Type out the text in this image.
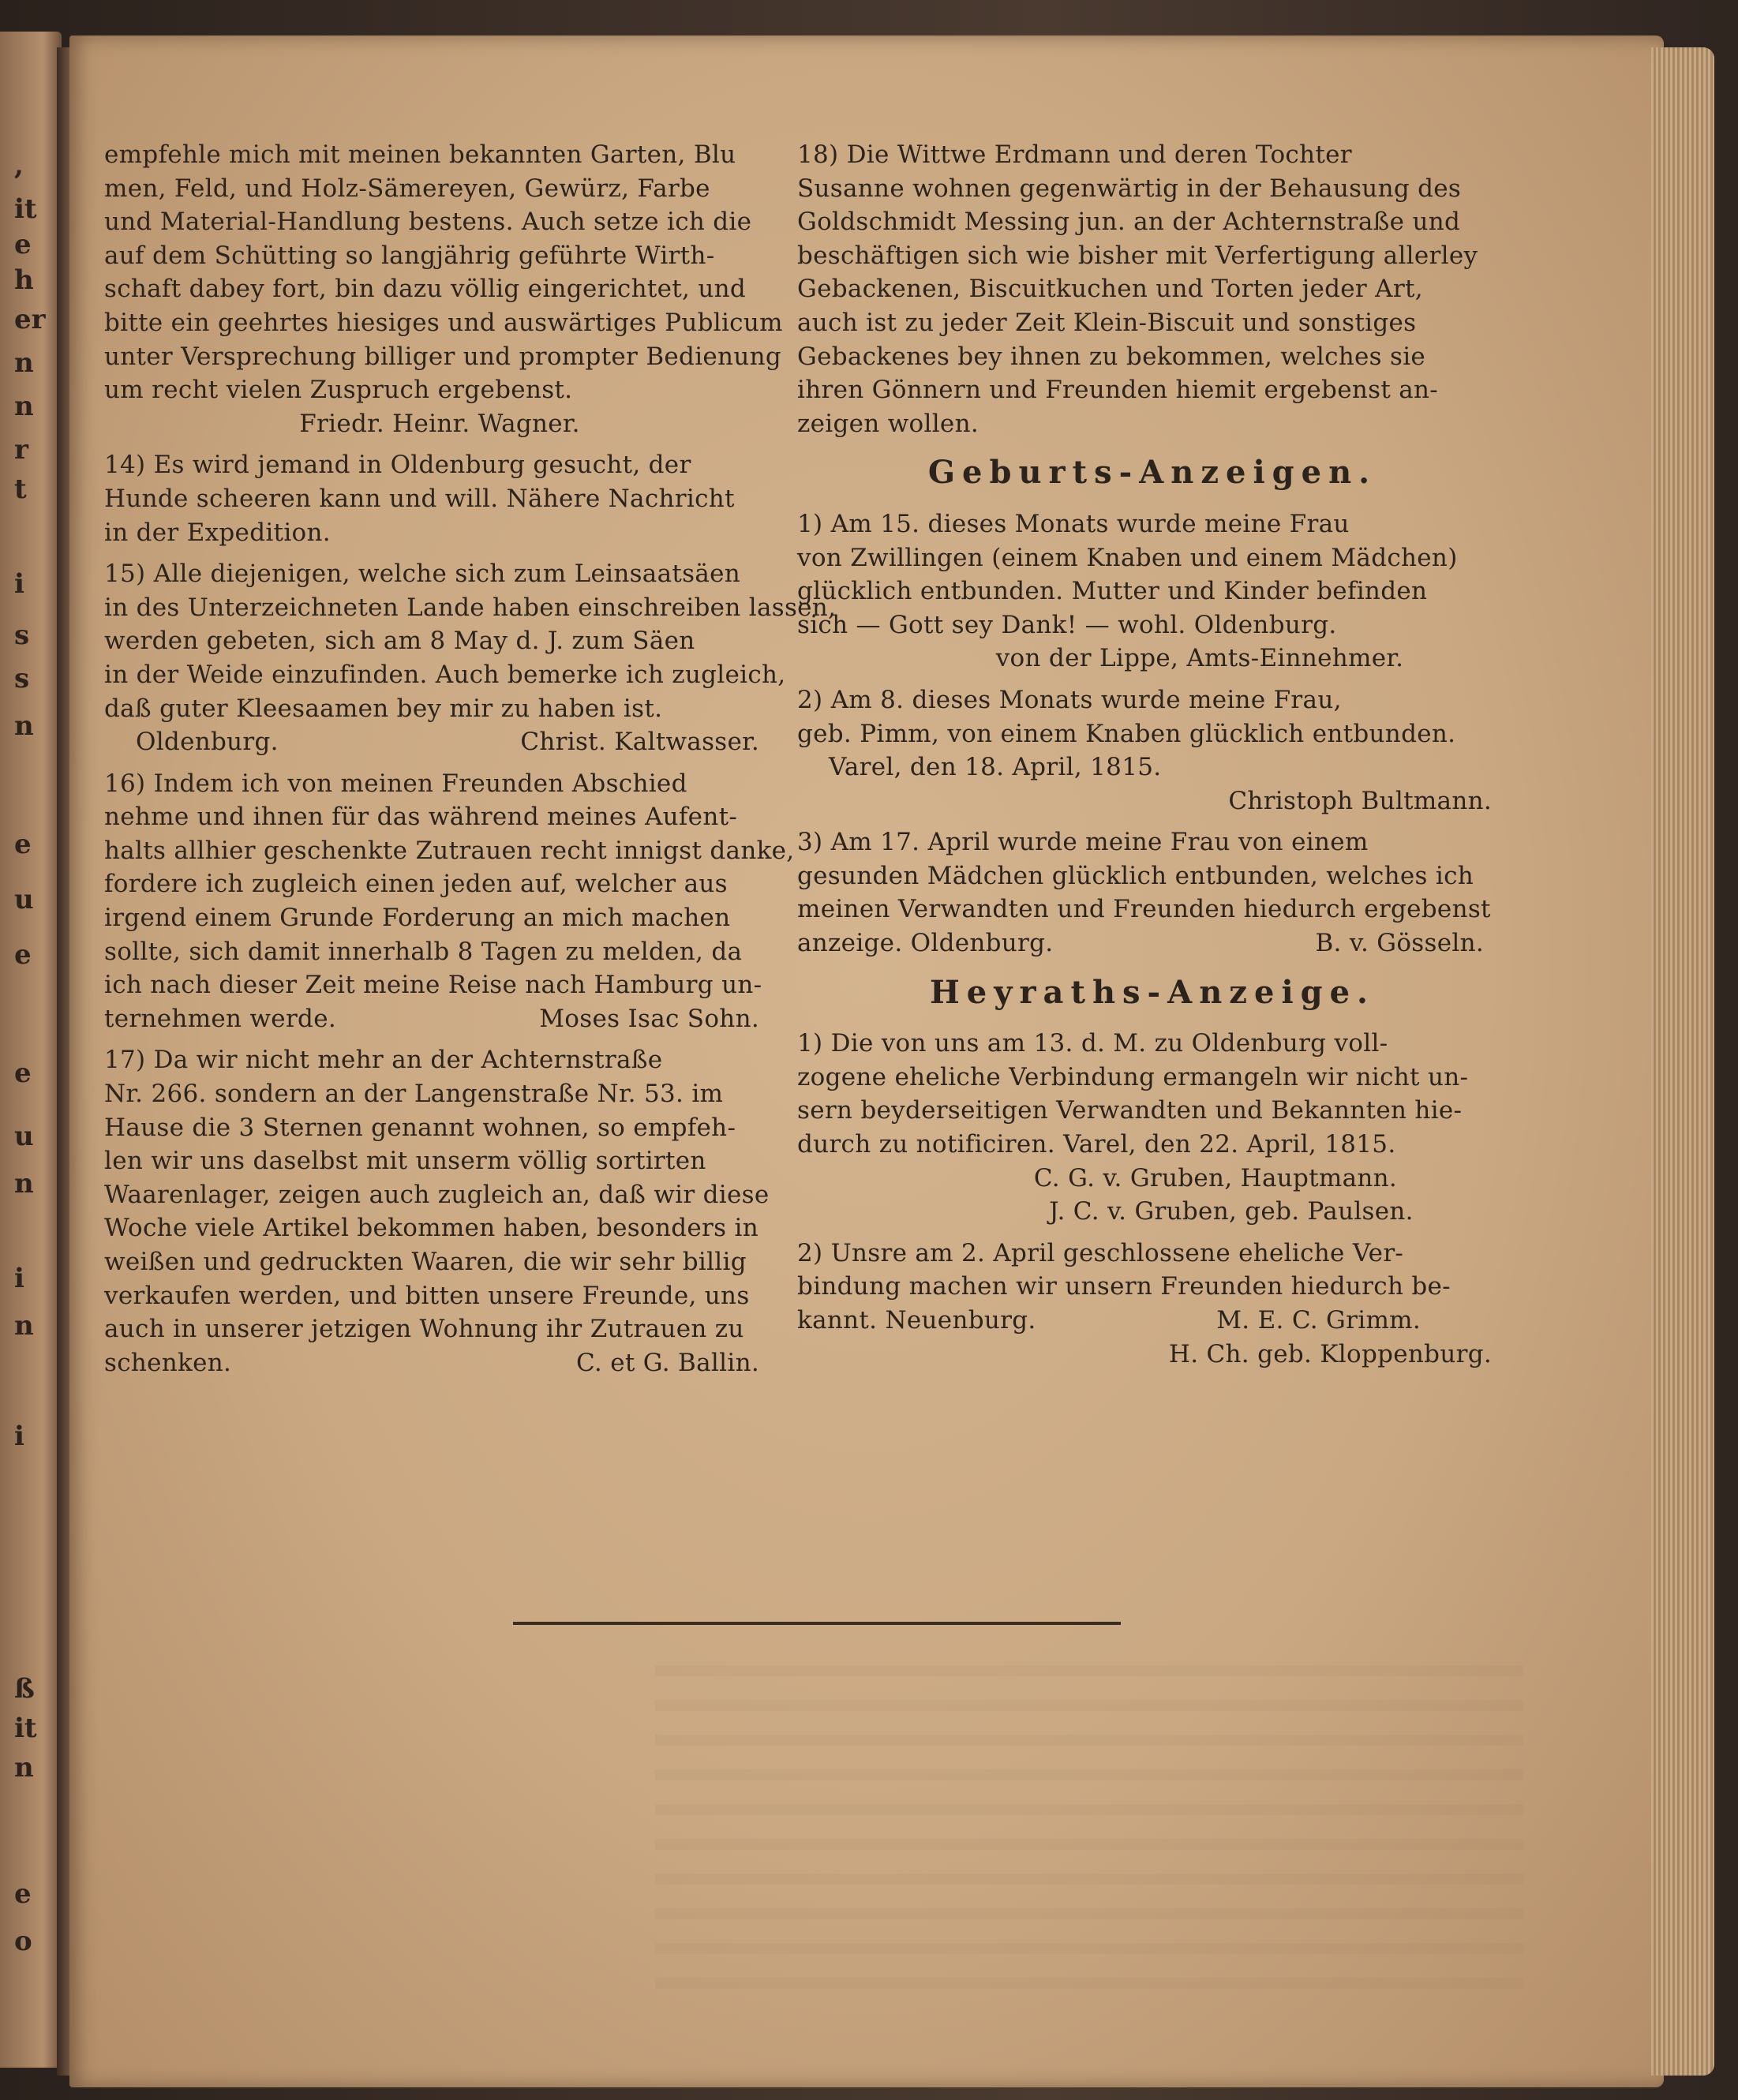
,
it
e
h
er
n
n
r
t
i
s
s
n
e
u
e
e
u
n
i
n
i
ß
it
n
e
o
empfehle mich mit meinen bekannten Garten, Blu
men, Feld, und Holz-Sämereyen, Gewürz, Farbe
und Material-Handlung bestens. Auch setze ich die
auf dem Schütting so langjährig geführte Wirth-
schaft dabey fort, bin dazu völlig eingerichtet, und
bitte ein geehrtes hiesiges und auswärtiges Publicum
unter Versprechung billiger und prompter Bedienung
um recht vielen Zuspruch ergebenst.
Friedr. Heinr. Wagner.
14) Es wird jemand in Oldenburg gesucht, der
Hunde scheeren kann und will. Nähere Nachricht
in der Expedition.
15) Alle diejenigen, welche sich zum Leinsaatsäen
in des Unterzeichneten Lande haben einschreiben lassen,
werden gebeten, sich am 8 May d. J. zum Säen
in der Weide einzufinden. Auch bemerke ich zugleich,
daß guter Kleesaamen bey mir zu haben ist.
Oldenburg.	Christ. Kaltwasser.
16) Indem ich von meinen Freunden Abschied
nehme und ihnen für das während meines Aufent-
halts allhier geschenkte Zutrauen recht innigst danke,
fordere ich zugleich einen jeden auf, welcher aus
irgend einem Grunde Forderung an mich machen
sollte, sich damit innerhalb 8 Tagen zu melden, da
ich nach dieser Zeit meine Reise nach Hamburg un-
ternehmen werde.	Moses Isac Sohn.
17) Da wir nicht mehr an der Achternstraße
Nr. 266. sondern an der Langenstraße Nr. 53. im
Hause die 3 Sternen genannt wohnen, so empfeh-
len wir uns daselbst mit unserm völlig sortirten
Waarenlager, zeigen auch zugleich an, daß wir diese
Woche viele Artikel bekommen haben, besonders in
weißen und gedruckten Waaren, die wir sehr billig
verkaufen werden, und bitten unsere Freunde, uns
auch in unserer jetzigen Wohnung ihr Zutrauen zu
schenken.	C. et G. Ballin.
18) Die Wittwe Erdmann und deren Tochter
Susanne wohnen gegenwärtig in der Behausung des
Goldschmidt Messing jun. an der Achternstraße und
beschäftigen sich wie bisher mit Verfertigung allerley
Gebackenen, Biscuitkuchen und Torten jeder Art,
auch ist zu jeder Zeit Klein-Biscuit und sonstiges
Gebackenes bey ihnen zu bekommen, welches sie
ihren Gönnern und Freunden hiemit ergebenst an-
zeigen wollen.
Geburts-Anzeigen.
1) Am 15. dieses Monats wurde meine Frau
von Zwillingen (einem Knaben und einem Mädchen)
glücklich entbunden. Mutter und Kinder befinden
sich — Gott sey Dank! — wohl. Oldenburg.
von der Lippe, Amts-Einnehmer.
2) Am 8. dieses Monats wurde meine Frau,
geb. Pimm, von einem Knaben glücklich entbunden.
Varel, den 18. April, 1815.
Christoph Bultmann.
3) Am 17. April wurde meine Frau von einem
gesunden Mädchen glücklich entbunden, welches ich
meinen Verwandten und Freunden hiedurch ergebenst
anzeige. Oldenburg.	B. v. Gösseln.
Heyraths-Anzeige.
1) Die von uns am 13. d. M. zu Oldenburg voll-
zogene eheliche Verbindung ermangeln wir nicht un-
sern beyderseitigen Verwandten und Bekannten hie-
durch zu notificiren. Varel, den 22. April, 1815.
C. G. v. Gruben, Hauptmann.
J. C. v. Gruben, geb. Paulsen.
2) Unsre am 2. April geschlossene eheliche Ver-
bindung machen wir unsern Freunden hiedurch be-
kannt. Neuenburg.	M. E. C. Grimm.
H. Ch. geb. Kloppenburg.
